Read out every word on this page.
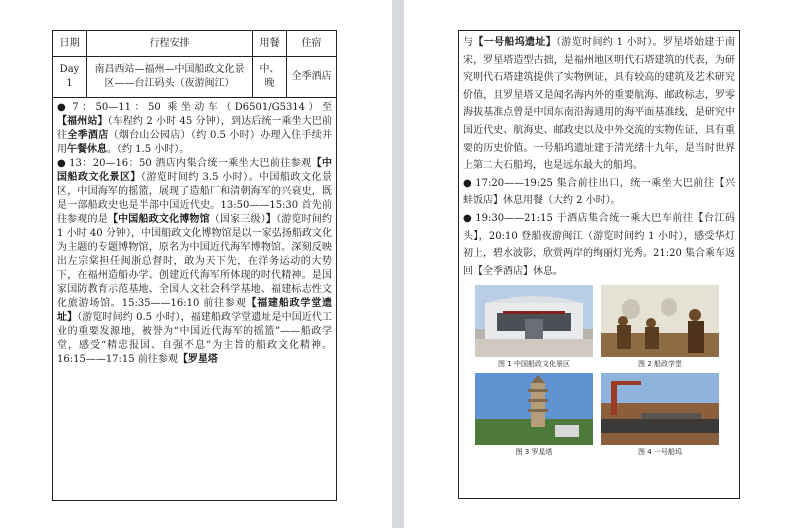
日期	行程安排	用餐	住宿
Day 1	南昌西站—福州—中国船政文化景区——台江码头（夜游闽江）	中、晚	全季酒店

● 7：50—11：50 乘坐动车（D6501/G5314）至【福州站】（车程约 2 小时 45 分钟），到达后统一乘坐大巴前往全季酒店（烟台山公园店）（约 0.5 小时）办理入住手续并用午餐休息。（约 1.5 小时）。
● 13：20—16：50 酒店内集合统一乘坐大巴前往参观【中国船政文化景区】（游览时间约 3.5 小时）。中国船政文化景区，中国海军的摇篮，展现了造船厂和清朝海军的兴衰史，既是一部船政史也是半部中国近代史。13:50——15:30 首先前往参观的是【中国船政文化博物馆（国家三级）】（游览时间约 1 小时 40 分钟），中国船政文化博物馆是以一家弘扬船政文化为主题的专题博物馆，原名为中国近代海军博物馆。深刻反映出左宗棠担任闽浙总督时，敢为天下先，在洋务运动的大势下，在福州造船办学、创建近代海军所体现的时代精神。是国家国防教育示范基地、全国人文社会科学基地、福建标志性文化旅游场馆。15:35——16:10 前往参观【福建船政学堂遗址】（游览时间约 0.5 小时），福建船政学堂遗址是中国近代工业的重要发源地，被誉为“中国近代海军的摇篮”——船政学堂，感受“精忠报国、自强不息”为主旨的船政文化精神。16:15——17:15 前往参观【罗星塔			
与【一号船坞遗址】（游览时间约 1 小时）。罗星塔始建于南宋，罗星塔造型古拙，是福州地区明代石塔建筑的代表，为研究明代石塔建筑提供了实物例证，具有较高的建筑及艺术研究价值，且罗星塔又是闻名海内外的重要航海、邮政标志，罗零海拔基准点曾是中国东南沿海通用的海平面基准线，是研究中国近代史、航海史、邮政史以及中外交流的实物佐证，具有重要的历史价值。一号船坞遗址建于清光绪十九年，是当时世界上第二大石船坞，也是远东最大的船坞。
● 17:20——19:25 集合前往出口，统一乘坐大巴前往【兴蚌饭店】休息用餐（大约 2 小时）。
● 19:30——21:15 于酒店集合统一乘大巴车前往【台江码头】，20:10 登船夜游闽江（游览时间约 1 小时），感受华灯初上，碧水波影，欣赏两岸的绚丽灯光秀。21:20 集合乘车返回【全季酒店】休息。
图 1 中国船政文化景区	图 2 船政学堂
图 3 罗星塔	图 4 一号船坞
